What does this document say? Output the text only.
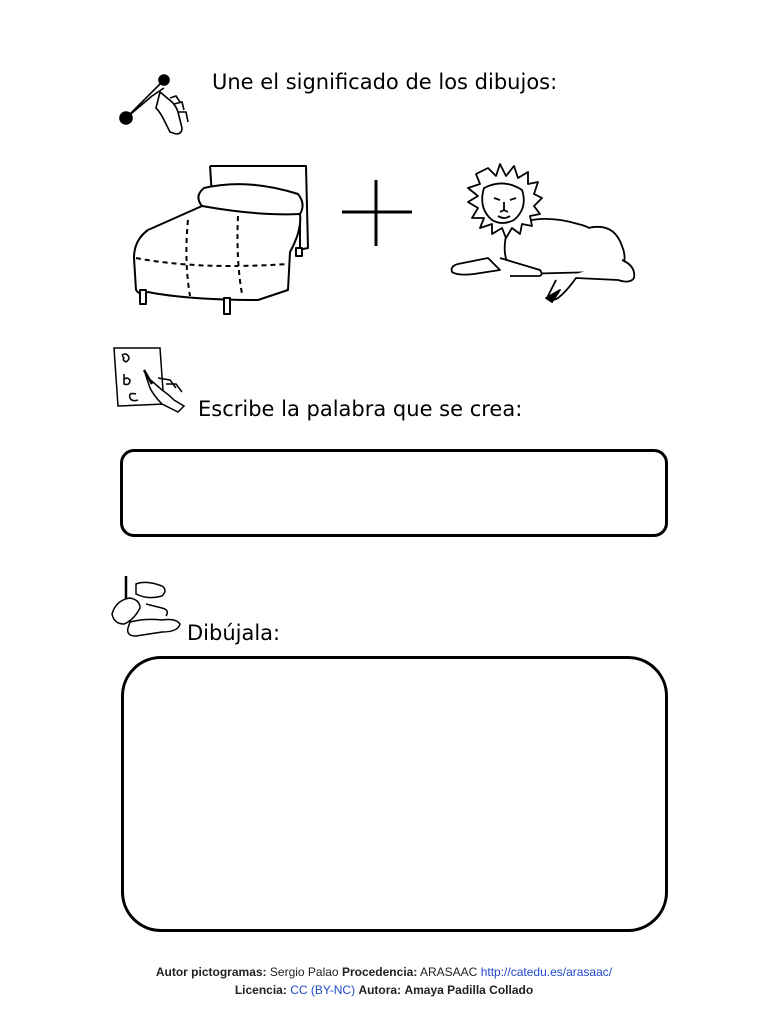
Une el significado de los dibujos:
Escribe la palabra que se crea:
Dibújala:
Autor pictogramas: Sergio Palao Procedencia: ARASAAC http://catedu.es/arasaac/
Licencia: CC (BY-NC) Autora: Amaya Padilla Collado
